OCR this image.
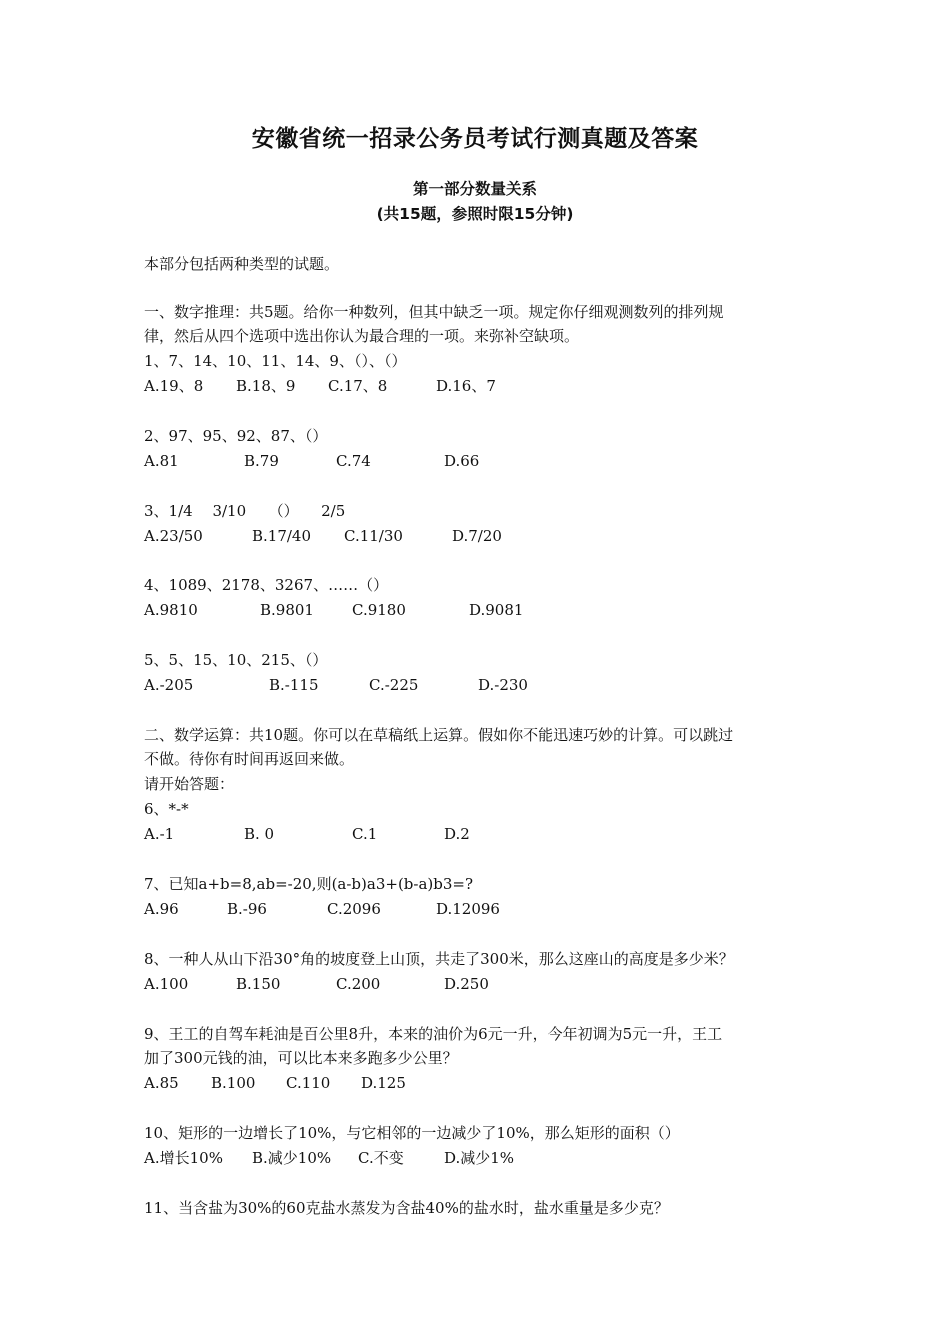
安徽省统一招录公务员考试行测真题及答案
第一部分数量关系
(共15题，参照时限15分钟)

本部分包括两种类型的试题。

一、数字推理：共5题。给你一种数列，但其中缺乏一项。规定你仔细观测数列的排列规

律，然后从四个选项中选出你认为最合理的一项。来弥补空缺项。

1、7、14、10、11、14、9、（）、（）

A.19、8 B.18、9 C.17、8	D.16、7

2、97、95、92、87、（）

A.81	B.79	C.74	D.66

3、1/4　 3/10　　（）　　2/5

A.23/50	B.17/40 C.11/30	D.7/20

4、1089、2178、3267、……（）

A.9810	B.9801	C.9180	D.9081

5、5、15、10、215、（）

A.-205	B.-115	C.-225	D.-230

二、数学运算：共10题。你可以在草稿纸上运算。假如你不能迅速巧妙的计算。可以跳过

不做。待你有时间再返回来做。

请开始答题：

6、*-*

A.-1	B. 0	C.1	D.2

7、已知a+b=8,ab=-20,则(a-b)a3+(b-a)b3=?

A.96	B.-96	C.2096	D.12096

8、一种人从山下沿30°角的坡度登上山顶，共走了300米，那么这座山的高度是多少米？

A.100	B.150	C.200	D.250

9、王工的自驾车耗油是百公里8升，本来的油价为6元一升，今年初调为5元一升，王工

加了300元钱的油，可以比本来多跑多少公里？

A.85 B.100 C.110 D.125

10、矩形的一边增长了10%，与它相邻的一边减少了10%，那么矩形的面积（）

A.增长10% B.减少10% C.不变	D.减少1%

11、当含盐为30%的60克盐水蒸发为含盐40%的盐水时，盐水重量是多少克？
